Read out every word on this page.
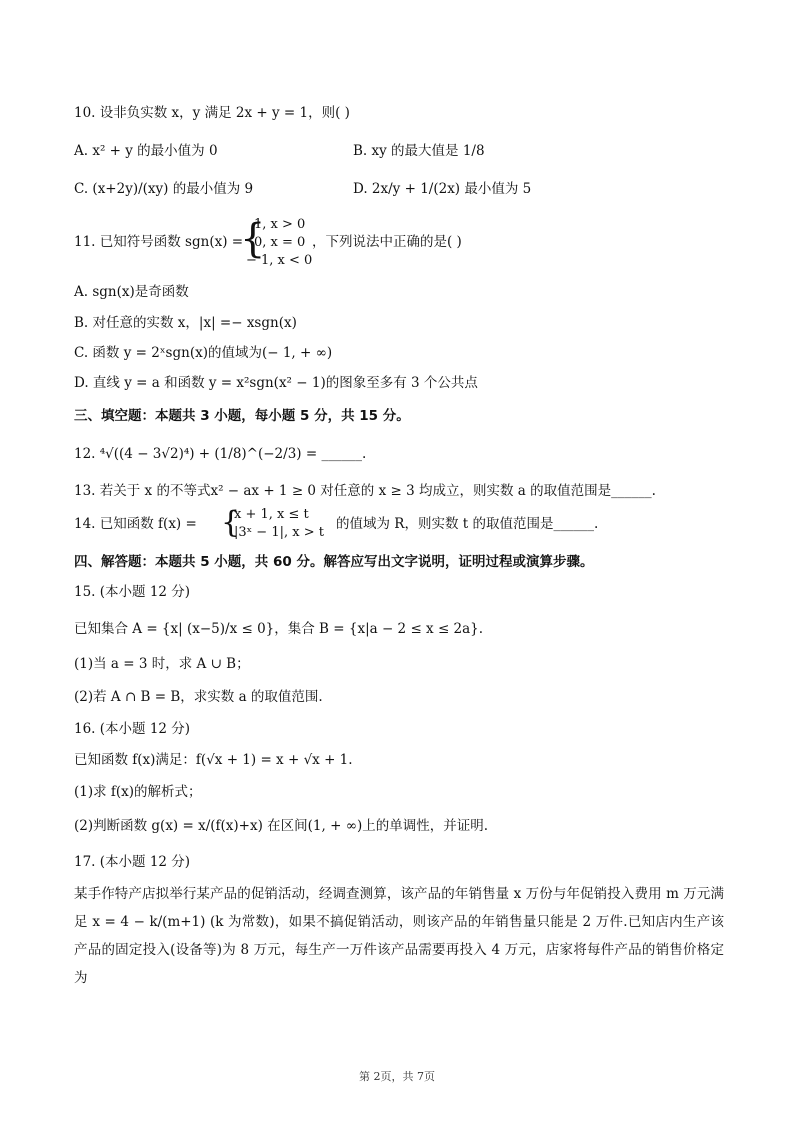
10. 设非负实数 x，y 满足 2x + y = 1，则( )
A. x² + y 的最小值为 0	B. xy 的最大值是 1/8
C. (x+2y)/(xy) 的最小值为 9	D. 2x/y + 1/(2x) 最小值为 5
11. 已知符号函数 sgn(x) =
{
1, x > 0
0, x = 0
− 1, x < 0
，下列说法中正确的是( )
A. sgn(x)是奇函数
B. 对任意的实数 x，|x| =− xsgn(x)
C. 函数 y = 2ˣsgn(x)的值域为(− 1, + ∞)
D. 直线 y = a 和函数 y = x²sgn(x² − 1)的图象至多有 3 个公共点
三、填空题：本题共 3 小题，每小题 5 分，共 15 分。
12. ⁴√((4 − 3√2)⁴) + (1/8)^(−2/3) = ______.
13. 若关于 x 的不等式x² − ax + 1 ≥ 0 对任意的 x ≥ 3 均成立，则实数 a 的取值范围是______.
14. 已知函数 f(x) = {
x + 1, x ≤ t
|3ˣ − 1|, x > t
的值域为 R，则实数 t 的取值范围是______.
四、解答题：本题共 5 小题，共 60 分。解答应写出文字说明，证明过程或演算步骤。
15. (本小题 12 分)
已知集合 A = {x| (x−5)/x ≤ 0}，集合 B = {x|a − 2 ≤ x ≤ 2a}.
(1)当 a = 3 时，求 A ∪ B；
(2)若 A ∩ B = B，求实数 a 的取值范围.
16. (本小题 12 分)
已知函数 f(x)满足：f(√x + 1) = x + √x + 1.
(1)求 f(x)的解析式；
(2)判断函数 g(x) = x/(f(x)+x) 在区间(1, + ∞)上的单调性，并证明.
17. (本小题 12 分)
某手作特产店拟举行某产品的促销活动，经调查测算，该产品的年销售量 x 万份与年促销投入费用 m 万元满足 x = 4 − k/(m+1) (k 为常数)，如果不搞促销活动，则该产品的年销售量只能是 2 万件.已知店内生产该产品的固定投入(设备等)为 8 万元，每生产一万件该产品需要再投入 4 万元，店家将每件产品的销售价格定为
第 2页，共 7页
